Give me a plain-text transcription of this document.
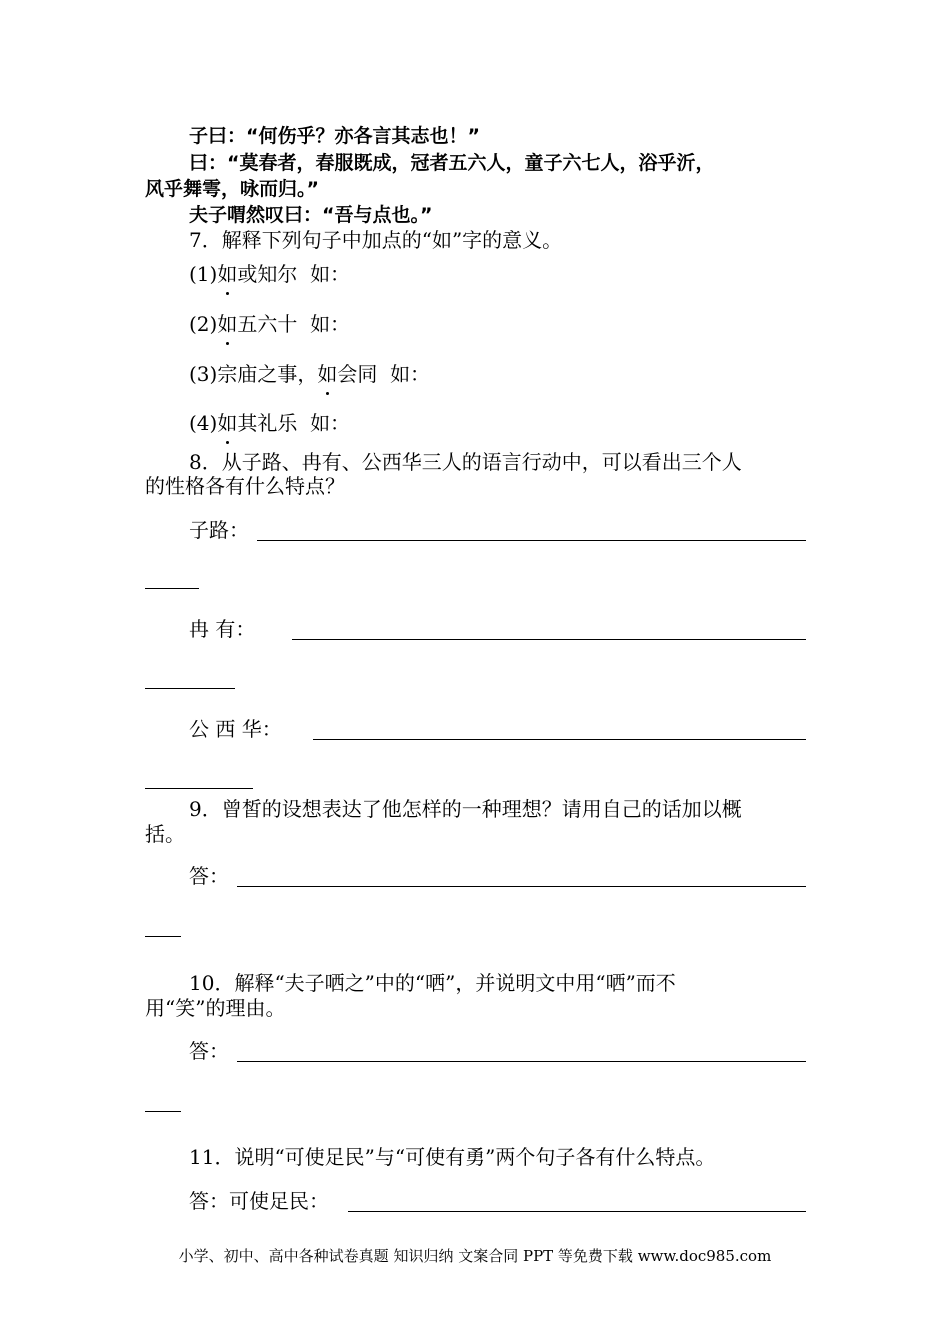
子曰：“何伤乎？亦各言其志也！”
曰：“莫春者，春服既成，冠者五六人，童子六七人，浴乎沂，
风乎舞雩，咏而归。”
夫子喟然叹曰：“吾与点也。”
7．解释下列句子中加点的“如”字的意义。
(1)如或知尔 如：
(2)如五六十 如：
(3)宗庙之事，如会同 如：
(4)如其礼乐 如：
8．从子路、冉有、公西华三人的语言行动中，可以看出三个人
的性格各有什么特点？
子路：
冉 有：
公 西 华：
9．曾皙的设想表达了他怎样的一种理想？请用自己的话加以概
括。
答：
10．解释“夫子哂之”中的“哂”，并说明文中用“哂”而不
用“笑”的理由。
答：
11．说明“可使足民”与“可使有勇”两个句子各有什么特点。
答：可使足民：
小学、初中、高中各种试卷真题 知识归纳 文案合同 PPT 等免费下载 www.doc985.com
